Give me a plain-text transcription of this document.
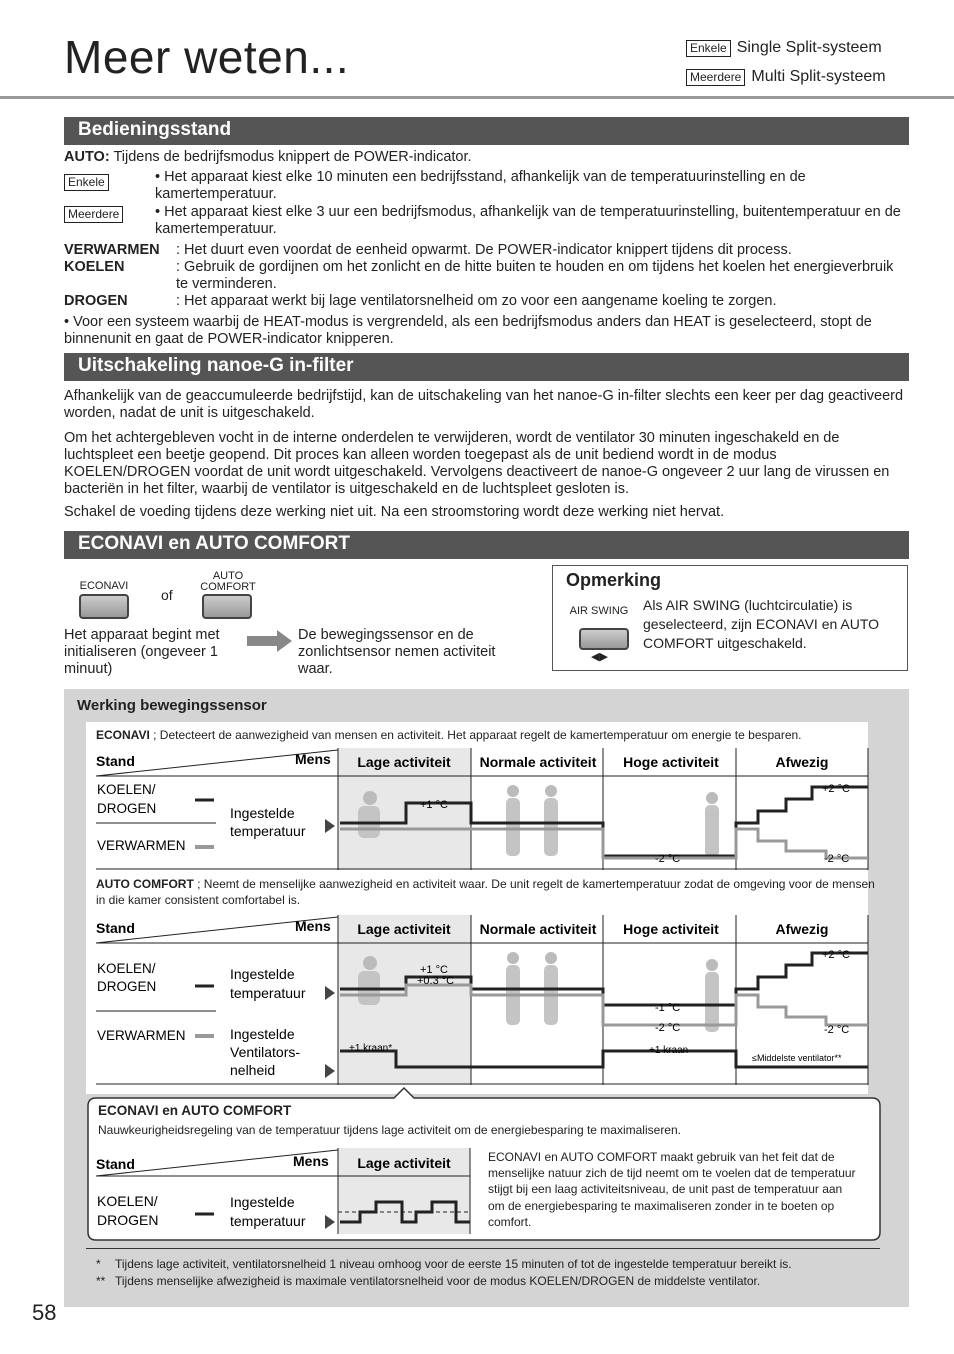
Meer weten...	Enkele Single Split-systeem
Meerdere Multi Split-systeem
Bedieningsstand
AUTO: Tijdens de bedrijfsmodus knippert de POWER-indicator.
Enkele	• Het apparaat kiest elke 10 minuten een bedrijfsstand, afhankelijk van de temperatuurinstelling en de kamertemperatuur.
Meerdere • Het apparaat kiest elke 3 uur een bedrijfsmodus, afhankelijk van de temperatuurinstelling, buitentemperatuur en de kamertemperatuur.
VERWARMEN : Het duurt even voordat de eenheid opwarmt. De POWER-indicator knippert tijdens dit process.
KOELEN	: Gebruik de gordijnen om het zonlicht en de hitte buiten te houden en om tijdens het koelen het energieverbruik te verminderen.
DROGEN	: Het apparaat werkt bij lage ventilatorsnelheid om zo voor een aangename koeling te zorgen.
• Voor een systeem waarbij de HEAT-modus is vergrendeld, als een bedrijfsmodus anders dan HEAT is geselecteerd, stopt de binnenunit en gaat de POWER-indicator knipperen.
Uitschakeling nanoe-G in-filter
Afhankelijk van de geaccumuleerde bedrijfstijd, kan de uitschakeling van het nanoe-G in-filter slechts een keer per dag geactiveerd worden, nadat de unit is uitgeschakeld.
Om het achtergebleven vocht in de interne onderdelen te verwijderen, wordt de ventilator 30 minuten ingeschakeld en de luchtspleet een beetje geopend. Dit proces kan alleen worden toegepast als de unit bediend wordt in de modus KOELEN/DROGEN voordat de unit wordt uitgeschakeld. Vervolgens deactiveert de nanoe-G ongeveer 2 uur lang de virussen en bacteriën in het filter, waarbij de ventilator is uitgeschakeld en de luchtspleet gesloten is.
Schakel de voeding tijdens deze werking niet uit. Na een stroomstoring wordt deze werking niet hervat.
ECONAVI en AUTO COMFORT
ECONAVI
of
AUTO
COMFORT
Het apparaat begint met initialiseren (ongeveer 1 minuut)
De bewegingssensor en de zonlichtsensor nemen activiteit waar.
Opmerking
AIR SWING
◀▶
Als AIR SWING (luchtcirculatie) is geselecteerd, zijn ECONAVI en AUTO COMFORT uitgeschakeld.
Werking bewegingssensor
ECONAVI ; Detecteert de aanwezigheid van mensen en activiteit. Het apparaat regelt de kamertemperatuur om energie te besparen.
AUTO COMFORT ; Neemt de menselijke aanwezigheid en activiteit waar. De unit regelt de kamertemperatuur zodat de omgeving voor de mensen in die kamer consistent comfortabel is.
Stand	Mens Lage activiteit Normale activiteit Hoge activiteit	Afwezig
KOELEN/
DROGEN
VERWARMEN
Ingestelde
temperatuur
+1 °C
-2 °C
+2 °C
-2 °C
Stand	Mens Lage activiteit Normale activiteit Hoge activiteit	Afwezig
KOELEN/
DROGEN
VERWARMEN
Ingestelde
temperatuur
Ingestelde
Ventilators-
nelheid
+1 °C
+0.3 °C
-1 °C
-2 °C
+2 °C
-2 °C
+1 kraan*	+1 kraan
≤Middelste ventilator**
ECONAVI en AUTO COMFORT
Nauwkeurigheidsregeling van de temperatuur tijdens lage activiteit om de energiebesparing te maximaliseren.
Stand	Mens Lage activiteit
KOELEN/
DROGEN
Ingestelde
temperatuur
ECONAVI en AUTO COMFORT maakt gebruik van het feit dat de menselijke natuur zich de tijd neemt om te voelen dat de temperatuur stijgt bij een laag activiteitsniveau, de unit past de temperatuur aan om de energiebesparing te maximaliseren zonder in te boeten op comfort.
* Tijdens lage activiteit, ventilatorsnelheid 1 niveau omhoog voor de eerste 15 minuten of tot de ingestelde temperatuur bereikt is.
** Tijdens menselijke afwezigheid is maximale ventilatorsnelheid voor de modus KOELEN/DROGEN de middelste ventilator.
58
